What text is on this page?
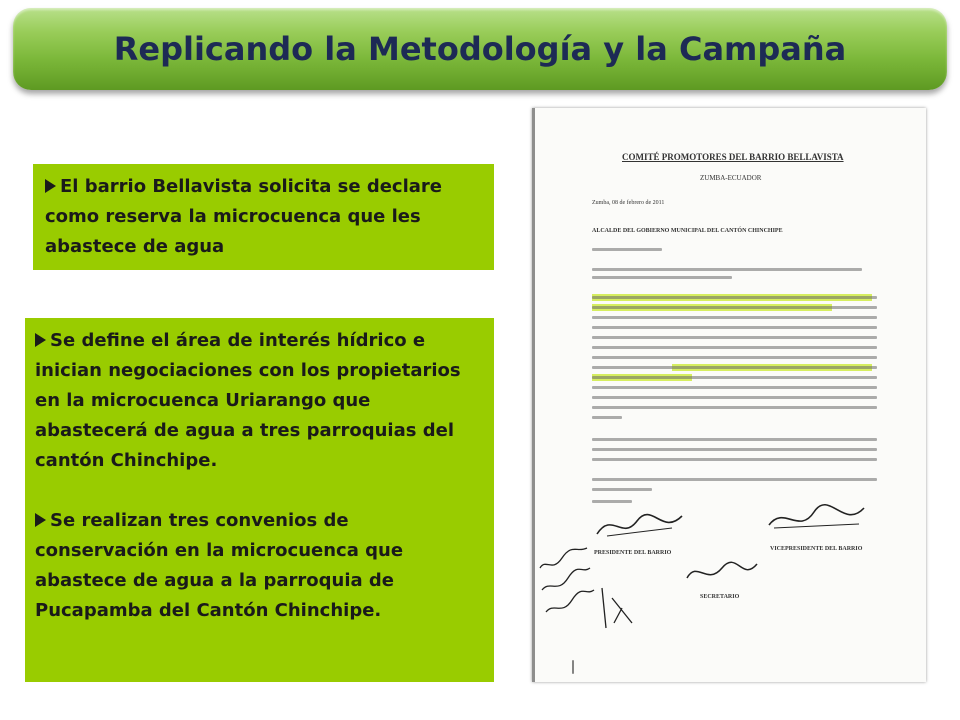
Replicando la Metodología y la Campaña
El barrio Bellavista solicita se declare como reserva la microcuenca que les abastece de agua
Se define el área de interés hídrico e inician negociaciones con los propietarios en la microcuenca Uriarango que abastecerá de agua a tres parroquias del cantón Chinchipe.
Se realizan tres convenios de conservación en la microcuenca que abastece de agua a la parroquia de Pucapamba del Cantón Chinchipe.
COMITÉ PROMOTORES DEL BARRIO BELLAVISTA
ZUMBA-ECUADOR
Zumba, 08 de febrero de 2011
ALCALDE DEL GOBIERNO MUNICIPAL DEL CANTÓN CHINCHIPE
PRESIDENTE DEL BARRIO
VICEPRESIDENTE DEL BARRIO
SECRETARIO
